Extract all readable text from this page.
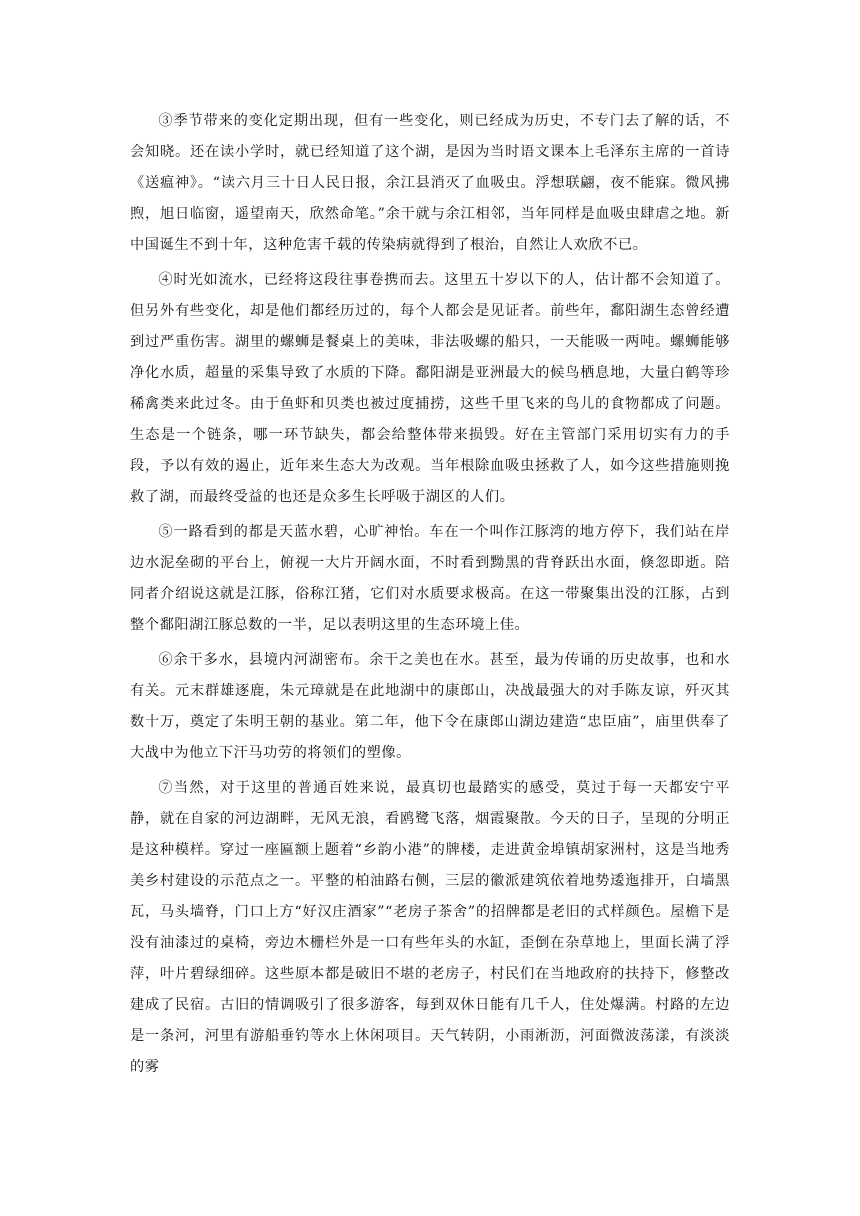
③季节带来的变化定期出现，但有一些变化，则已经成为历史，不专门去了解的话，不会知晓。还在读小学时，就已经知道了这个湖，是因为当时语文课本上毛泽东主席的一首诗《送瘟神》。“读六月三十日人民日报，余江县消灭了血吸虫。浮想联翩，夜不能寐。微风拂煦，旭日临窗，遥望南天，欣然命笔。”余干就与余江相邻，当年同样是血吸虫肆虐之地。新中国诞生不到十年，这种危害千载的传染病就得到了根治，自然让人欢欣不已。

④时光如流水，已经将这段往事卷携而去。这里五十岁以下的人，估计都不会知道了。但另外有些变化，却是他们都经历过的，每个人都会是见证者。前些年，鄱阳湖生态曾经遭到过严重伤害。湖里的螺蛳是餐桌上的美味，非法吸螺的船只，一天能吸一两吨。螺蛳能够净化水质，超量的采集导致了水质的下降。鄱阳湖是亚洲最大的候鸟栖息地，大量白鹤等珍稀禽类来此过冬。由于鱼虾和贝类也被过度捕捞，这些千里飞来的鸟儿的食物都成了问题。生态是一个链条，哪一环节缺失，都会给整体带来损毁。好在主管部门采用切实有力的手段，予以有效的遏止，近年来生态大为改观。当年根除血吸虫拯救了人，如今这些措施则挽救了湖，而最终受益的也还是众多生长呼吸于湖区的人们。

⑤一路看到的都是天蓝水碧，心旷神怡。车在一个叫作江豚湾的地方停下，我们站在岸边水泥垒砌的平台上，俯视一大片开阔水面，不时看到黝黑的背脊跃出水面，倏忽即逝。陪同者介绍说这就是江豚，俗称江猪，它们对水质要求极高。在这一带聚集出没的江豚，占到整个鄱阳湖江豚总数的一半，足以表明这里的生态环境上佳。

⑥余干多水，县境内河湖密布。余干之美也在水。甚至，最为传诵的历史故事，也和水有关。元末群雄逐鹿，朱元璋就是在此地湖中的康郎山，决战最强大的对手陈友谅，歼灭其数十万，奠定了朱明王朝的基业。第二年，他下令在康郎山湖边建造“忠臣庙”，庙里供奉了大战中为他立下汗马功劳的将领们的塑像。

⑦当然，对于这里的普通百姓来说，最真切也最踏实的感受，莫过于每一天都安宁平静，就在自家的河边湖畔，无风无浪，看鸥鹭飞落，烟霞聚散。今天的日子，呈现的分明正是这种模样。穿过一座匾额上题着“乡韵小港”的牌楼，走进黄金埠镇胡家洲村，这是当地秀美乡村建设的示范点之一。平整的柏油路右侧，三层的徽派建筑依着地势逶迤排开，白墙黑瓦，马头墙脊，门口上方“好汉庄酒家”“老房子茶舍”的招牌都是老旧的式样颜色。屋檐下是没有油漆过的桌椅，旁边木栅栏外是一口有些年头的水缸，歪倒在杂草地上，里面长满了浮萍，叶片碧绿细碎。这些原本都是破旧不堪的老房子，村民们在当地政府的扶持下，修整改建成了民宿。古旧的情调吸引了很多游客，每到双休日能有几千人，住处爆满。村路的左边是一条河，河里有游船垂钓等水上休闲项目。天气转阴，小雨淅沥，河面微波荡漾，有淡淡的雾
